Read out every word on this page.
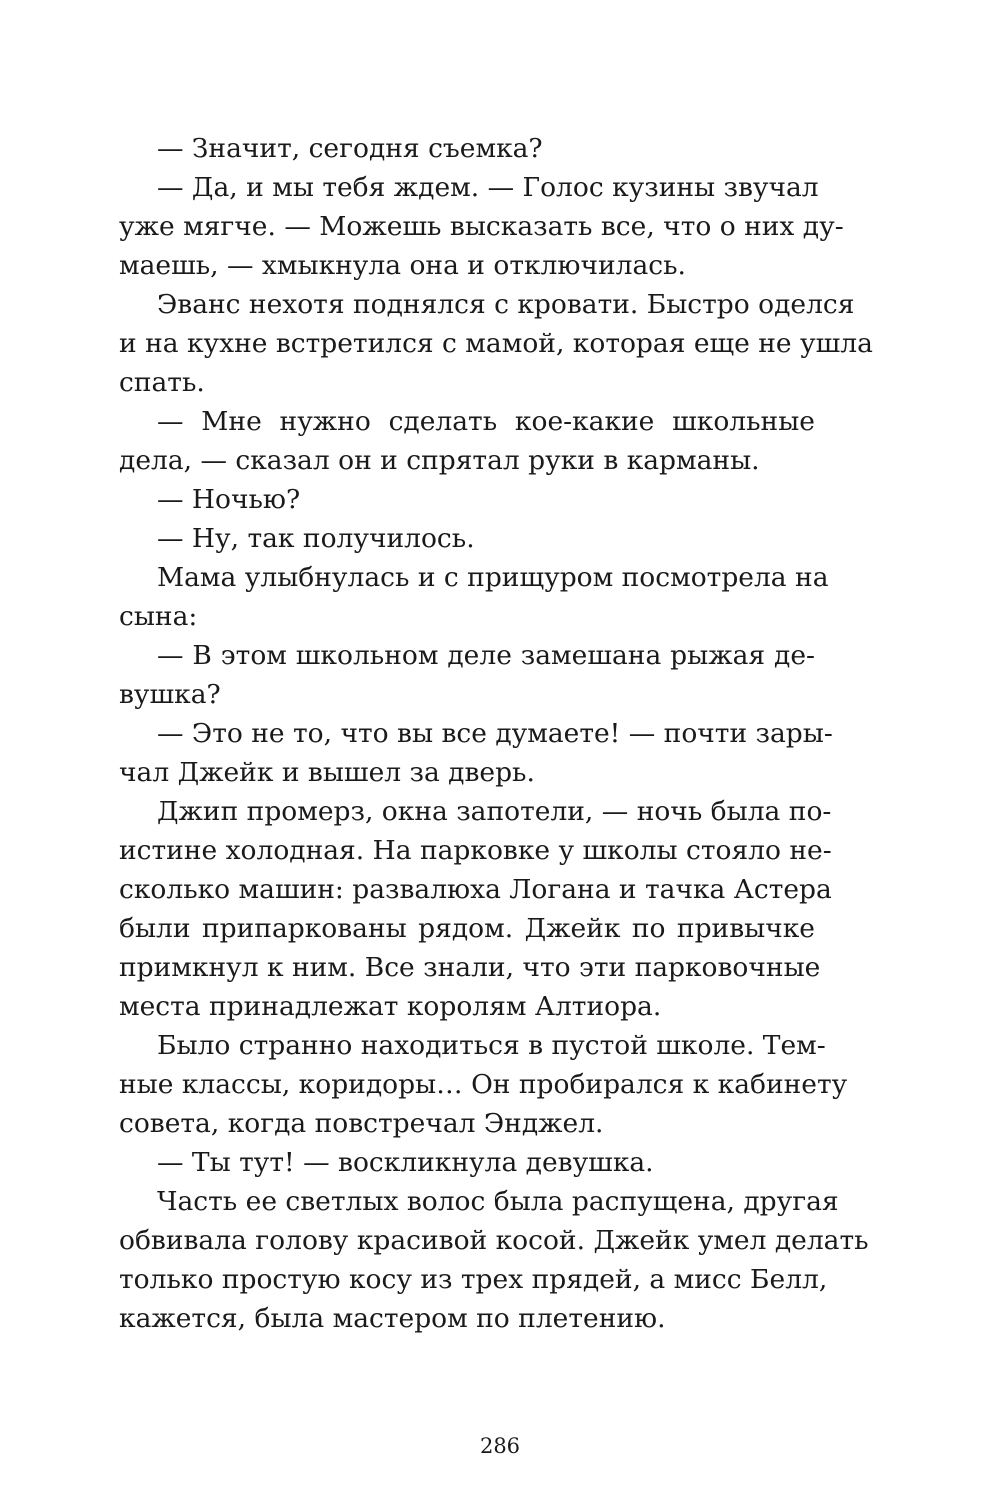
— Значит, сегодня съемка?
— Да, и мы тебя ждем. — Голос кузины звучал
уже мягче. — Можешь высказать все, что о них ду-
маешь, — хмыкнула она и отключилась.
Эванс нехотя поднялся с кровати. Быстро оделся
и на кухне встретился с мамой, которая еще не ушла
спать.
— Мне нужно сделать кое-какие школьные
дела, — сказал он и спрятал руки в карманы.
— Ночью?
— Ну, так получилось.
Мама улыбнулась и с прищуром посмотрела на
сына:
— В этом школьном деле замешана рыжая де-
вушка?
— Это не то, что вы все думаете! — почти зары-
чал Джейк и вышел за дверь.
Джип промерз, окна запотели, — ночь была по-
истине холодная. На парковке у школы стояло не-
сколько машин: развалюха Логана и тачка Астера
были припаркованы рядом. Джейк по привычке
примкнул к ним. Все знали, что эти парковочные
места принадлежат королям Алтиора.
Было странно находиться в пустой школе. Тем-
ные классы, коридоры… Он пробирался к кабинету
совета, когда повстречал Энджел.
— Ты тут! — воскликнула девушка.
Часть ее светлых волос была распущена, другая
обвивала голову красивой косой. Джейк умел делать
только простую косу из трех прядей, а мисс Белл,
кажется, была мастером по плетению.
286
